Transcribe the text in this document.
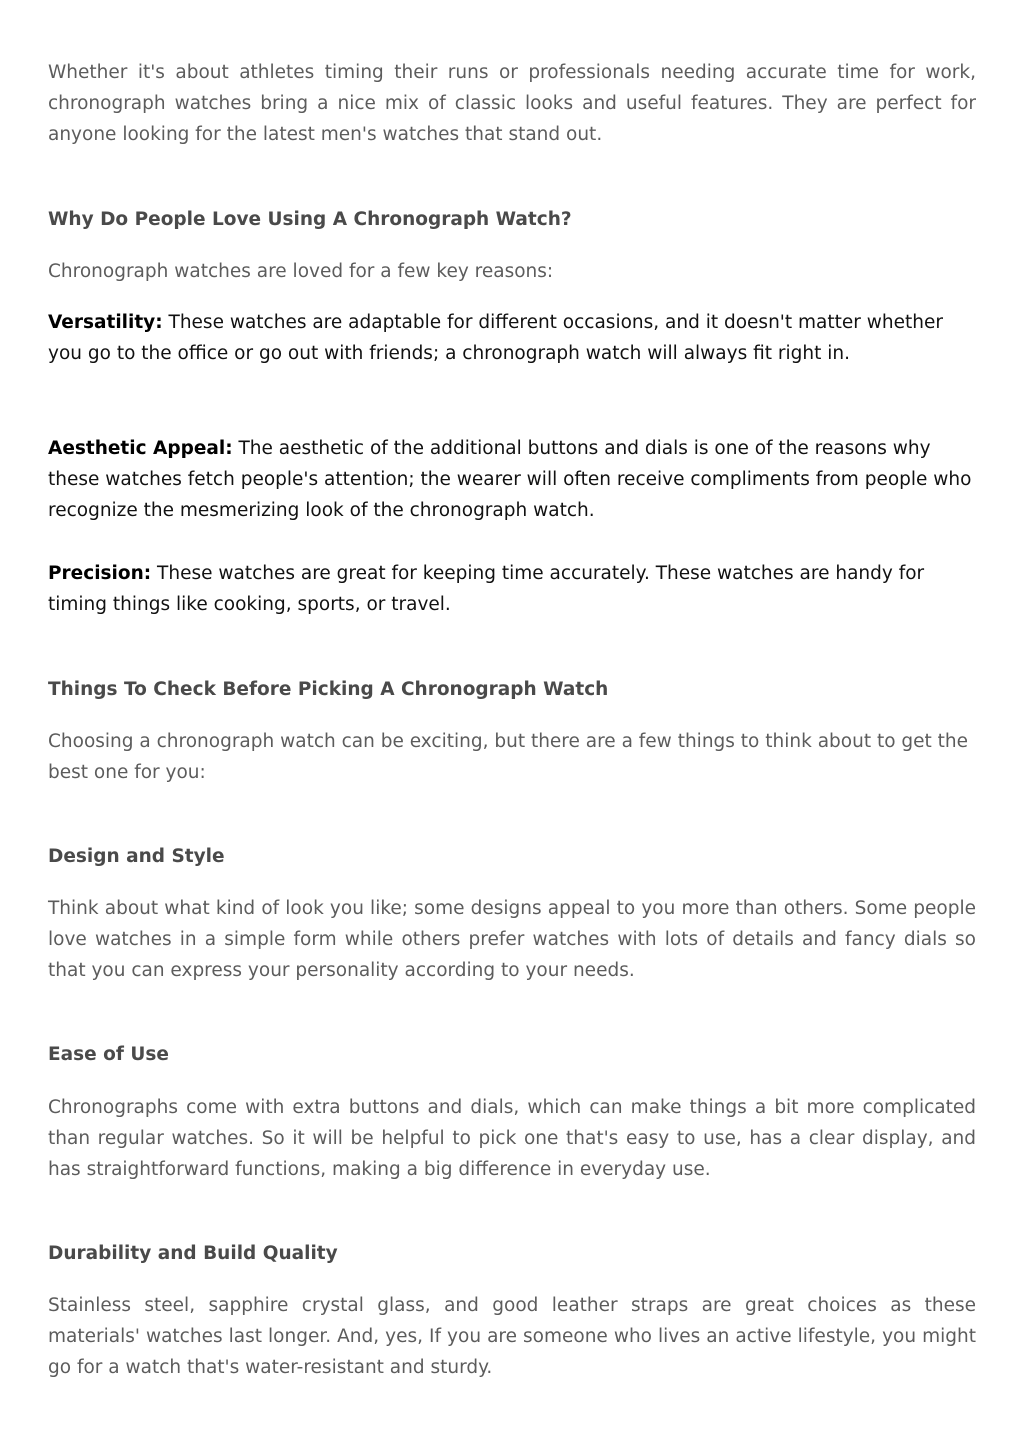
Whether it's about athletes timing their runs or professionals needing accurate time for work, chronograph watches bring a nice mix of classic looks and useful features. They are perfect for anyone looking for the latest men's watches that stand out.

Why Do People Love Using A Chronograph Watch?

Chronograph watches are loved for a few key reasons:

Versatility: These watches are adaptable for different occasions, and it doesn't matter whether you go to the office or go out with friends; a chronograph watch will always fit right in.

Aesthetic Appeal: The aesthetic of the additional buttons and dials is one of the reasons why these watches fetch people's attention; the wearer will often receive compliments from people who recognize the mesmerizing look of the chronograph watch.

Precision: These watches are great for keeping time accurately. These watches are handy for timing things like cooking, sports, or travel.

Things To Check Before Picking A Chronograph Watch

Choosing a chronograph watch can be exciting, but there are a few things to think about to get the best one for you:

Design and Style

Think about what kind of look you like; some designs appeal to you more than others. Some people love watches in a simple form while others prefer watches with lots of details and fancy dials so that you can express your personality according to your needs.

Ease of Use

Chronographs come with extra buttons and dials, which can make things a bit more complicated than regular watches. So it will be helpful to pick one that's easy to use, has a clear display, and has straightforward functions, making a big difference in everyday use.

Durability and Build Quality

Stainless steel, sapphire crystal glass, and good leather straps are great choices as these materials' watches last longer. And, yes, If you are someone who lives an active lifestyle, you might go for a watch that's water-resistant and sturdy.
